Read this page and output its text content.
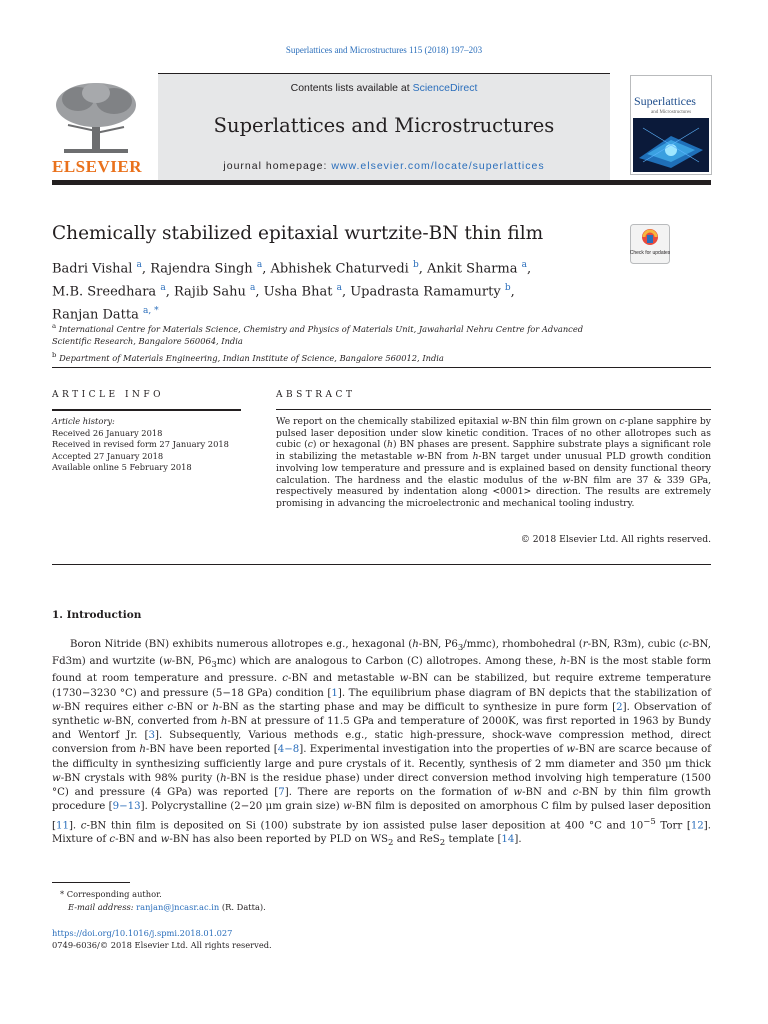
Superlattices and Microstructures 115 (2018) 197–203
ELSEVIER
Contents lists available at ScienceDirect
Superlattices and Microstructures
journal homepage: www.elsevier.com/locate/superlattices
Superlattices
and Microstructures
Chemically stabilized epitaxial wurtzite-BN thin film
Check for updates
Badri Vishal $^a$, Rajendra Singh $^a$, Abhishek Chaturvedi $^b$, Ankit Sharma $^a$,
M.B. Sreedhara $^a$, Rajib Sahu $^a$, Usha Bhat $^a$, Upadrasta Ramamurty $^b$,
Ranjan Datta $^{a, *}$

$^a$ International Centre for Materials Science, Chemistry and Physics of Materials Unit, Jawaharlal Nehru Centre for Advanced Scientific Research, Bangalore 560064, India

$^b$ Department of Materials Engineering, Indian Institute of Science, Bangalore 560012, India

ARTICLE INFO
Article history:
Received 26 January 2018
Received in revised form 27 January 2018
Accepted 27 January 2018
Available online 5 February 2018
ABSTRACT
We report on the chemically stabilized epitaxial w-BN thin film grown on c-plane sapphire by pulsed laser deposition under slow kinetic condition. Traces of no other allotropes such as cubic (c) or hexagonal (h) BN phases are present. Sapphire substrate plays a significant role in stabilizing the metastable w-BN from h-BN target under unusual PLD growth condition involving low temperature and pressure and is explained based on density functional theory calculation. The hardness and the elastic modulus of the w-BN film are 37 & 339 GPa, respectively measured by indentation along <0001> direction. The results are extremely promising in advancing the microelectronic and mechanical tooling industry.
© 2018 Elsevier Ltd. All rights reserved.
1. Introduction

Boron Nitride (BN) exhibits numerous allotropes e.g., hexagonal (h-BN, $P6_3/mmc$), rhombohedral (r-BN, R3m), cubic (c-BN, Fd3m) and wurtzite (w-BN, $P6_3mc$) which are analogous to Carbon (C) allotropes. Among these, h-BN is the most stable form found at room temperature and pressure. c-BN and metastable w-BN can be stabilized, but require extreme temperature (1730−3230 °C) and pressure (5−18 GPa) condition [1]. The equilibrium phase diagram of BN depicts that the stabilization of w-BN requires either c-BN or h-BN as the starting phase and may be difficult to synthesize in pure form [2]. Observation of synthetic w-BN, converted from h-BN at pressure of 11.5 GPa and temperature of 2000K, was first reported in 1963 by Bundy and Wentorf Jr. [3]. Subsequently, Various methods e.g., static high-pressure, shock-wave compression method, direct conversion from h-BN have been reported [4−8]. Experimental investigation into the properties of w-BN are scarce because of the difficulty in synthesizing sufficiently large and pure crystals of it. Recently, synthesis of 2 mm diameter and 350 μm thick w-BN crystals with 98% purity (h-BN is the residue phase) under direct conversion method involving high temperature (1500 °C) and pressure (4 GPa) was reported [7]. There are reports on the formation of w-BN and c-BN by thin film growth procedure [9−13]. Polycrystalline (2−20 μm grain size) w-BN film is deposited on amorphous C film by pulsed laser deposition [11]. c-BN thin film is deposited on Si (100) substrate by ion assisted pulse laser deposition at 400 °C and $10^{-5}$ Torr [12]. Mixture of c-BN and w-BN has also been reported by PLD on $WS_2$ and ReS$_2$ template [14].

* Corresponding author.
E-mail address: ranjan@jncasr.ac.in (R. Datta).
https://doi.org/10.1016/j.spmi.2018.01.027
0749-6036/© 2018 Elsevier Ltd. All rights reserved.
